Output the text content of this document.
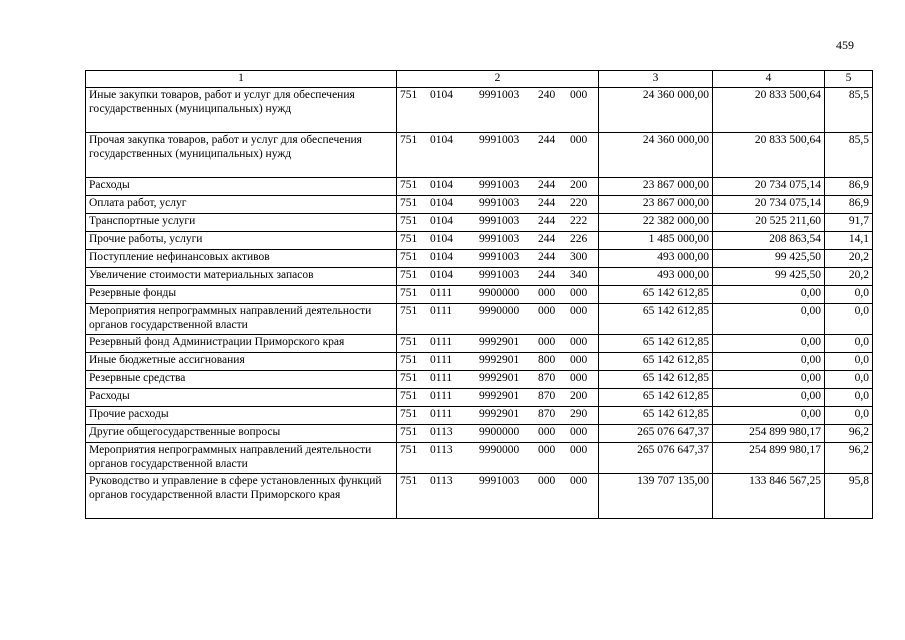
459
1	2	3	4	5
Иные закупки товаров, работ и услуг для обеспечения государственных (муниципальных) нужд	751 0104 9991003 240 000	24 360 000,00	20 833 500,64	85,5
Прочая закупка товаров, работ и услуг для обеспечения государственных (муниципальных) нужд	751 0104 9991003 244 000	24 360 000,00	20 833 500,64	85,5
Расходы	751 0104 9991003 244 200	23 867 000,00	20 734 075,14	86,9
Оплата работ, услуг	751 0104 9991003 244 220	23 867 000,00	20 734 075,14	86,9
Транспортные услуги	751 0104 9991003 244 222	22 382 000,00	20 525 211,60	91,7
Прочие работы, услуги	751 0104 9991003 244 226	1 485 000,00	208 863,54	14,1
Поступление нефинансовых активов	751 0104 9991003 244 300	493 000,00	99 425,50	20,2
Увеличение стоимости материальных запасов	751 0104 9991003 244 340	493 000,00	99 425,50	20,2
Резервные фонды	751 0111 9900000 000 000	65 142 612,85	0,00	0,0
Мероприятия непрограммных направлений деятельности органов государственной власти	751 0111 9990000 000 000	65 142 612,85	0,00	0,0
Резервный фонд Администрации Приморского края	751 0111 9992901 000 000	65 142 612,85	0,00	0,0
Иные бюджетные ассигнования	751 0111 9992901 800 000	65 142 612,85	0,00	0,0
Резервные средства	751 0111 9992901 870 000	65 142 612,85	0,00	0,0
Расходы	751 0111 9992901 870 200	65 142 612,85	0,00	0,0
Прочие расходы	751 0111 9992901 870 290	65 142 612,85	0,00	0,0
Другие общегосударственные вопросы	751 0113 9900000 000 000	265 076 647,37	254 899 980,17	96,2
Мероприятия непрограммных направлений деятельности органов государственной власти	751 0113 9990000 000 000	265 076 647,37	254 899 980,17	96,2
Руководство и управление в сфере установленных функций органов государственной власти Приморского края	751 0113 9991003 000 000	139 707 135,00	133 846 567,25	95,8
